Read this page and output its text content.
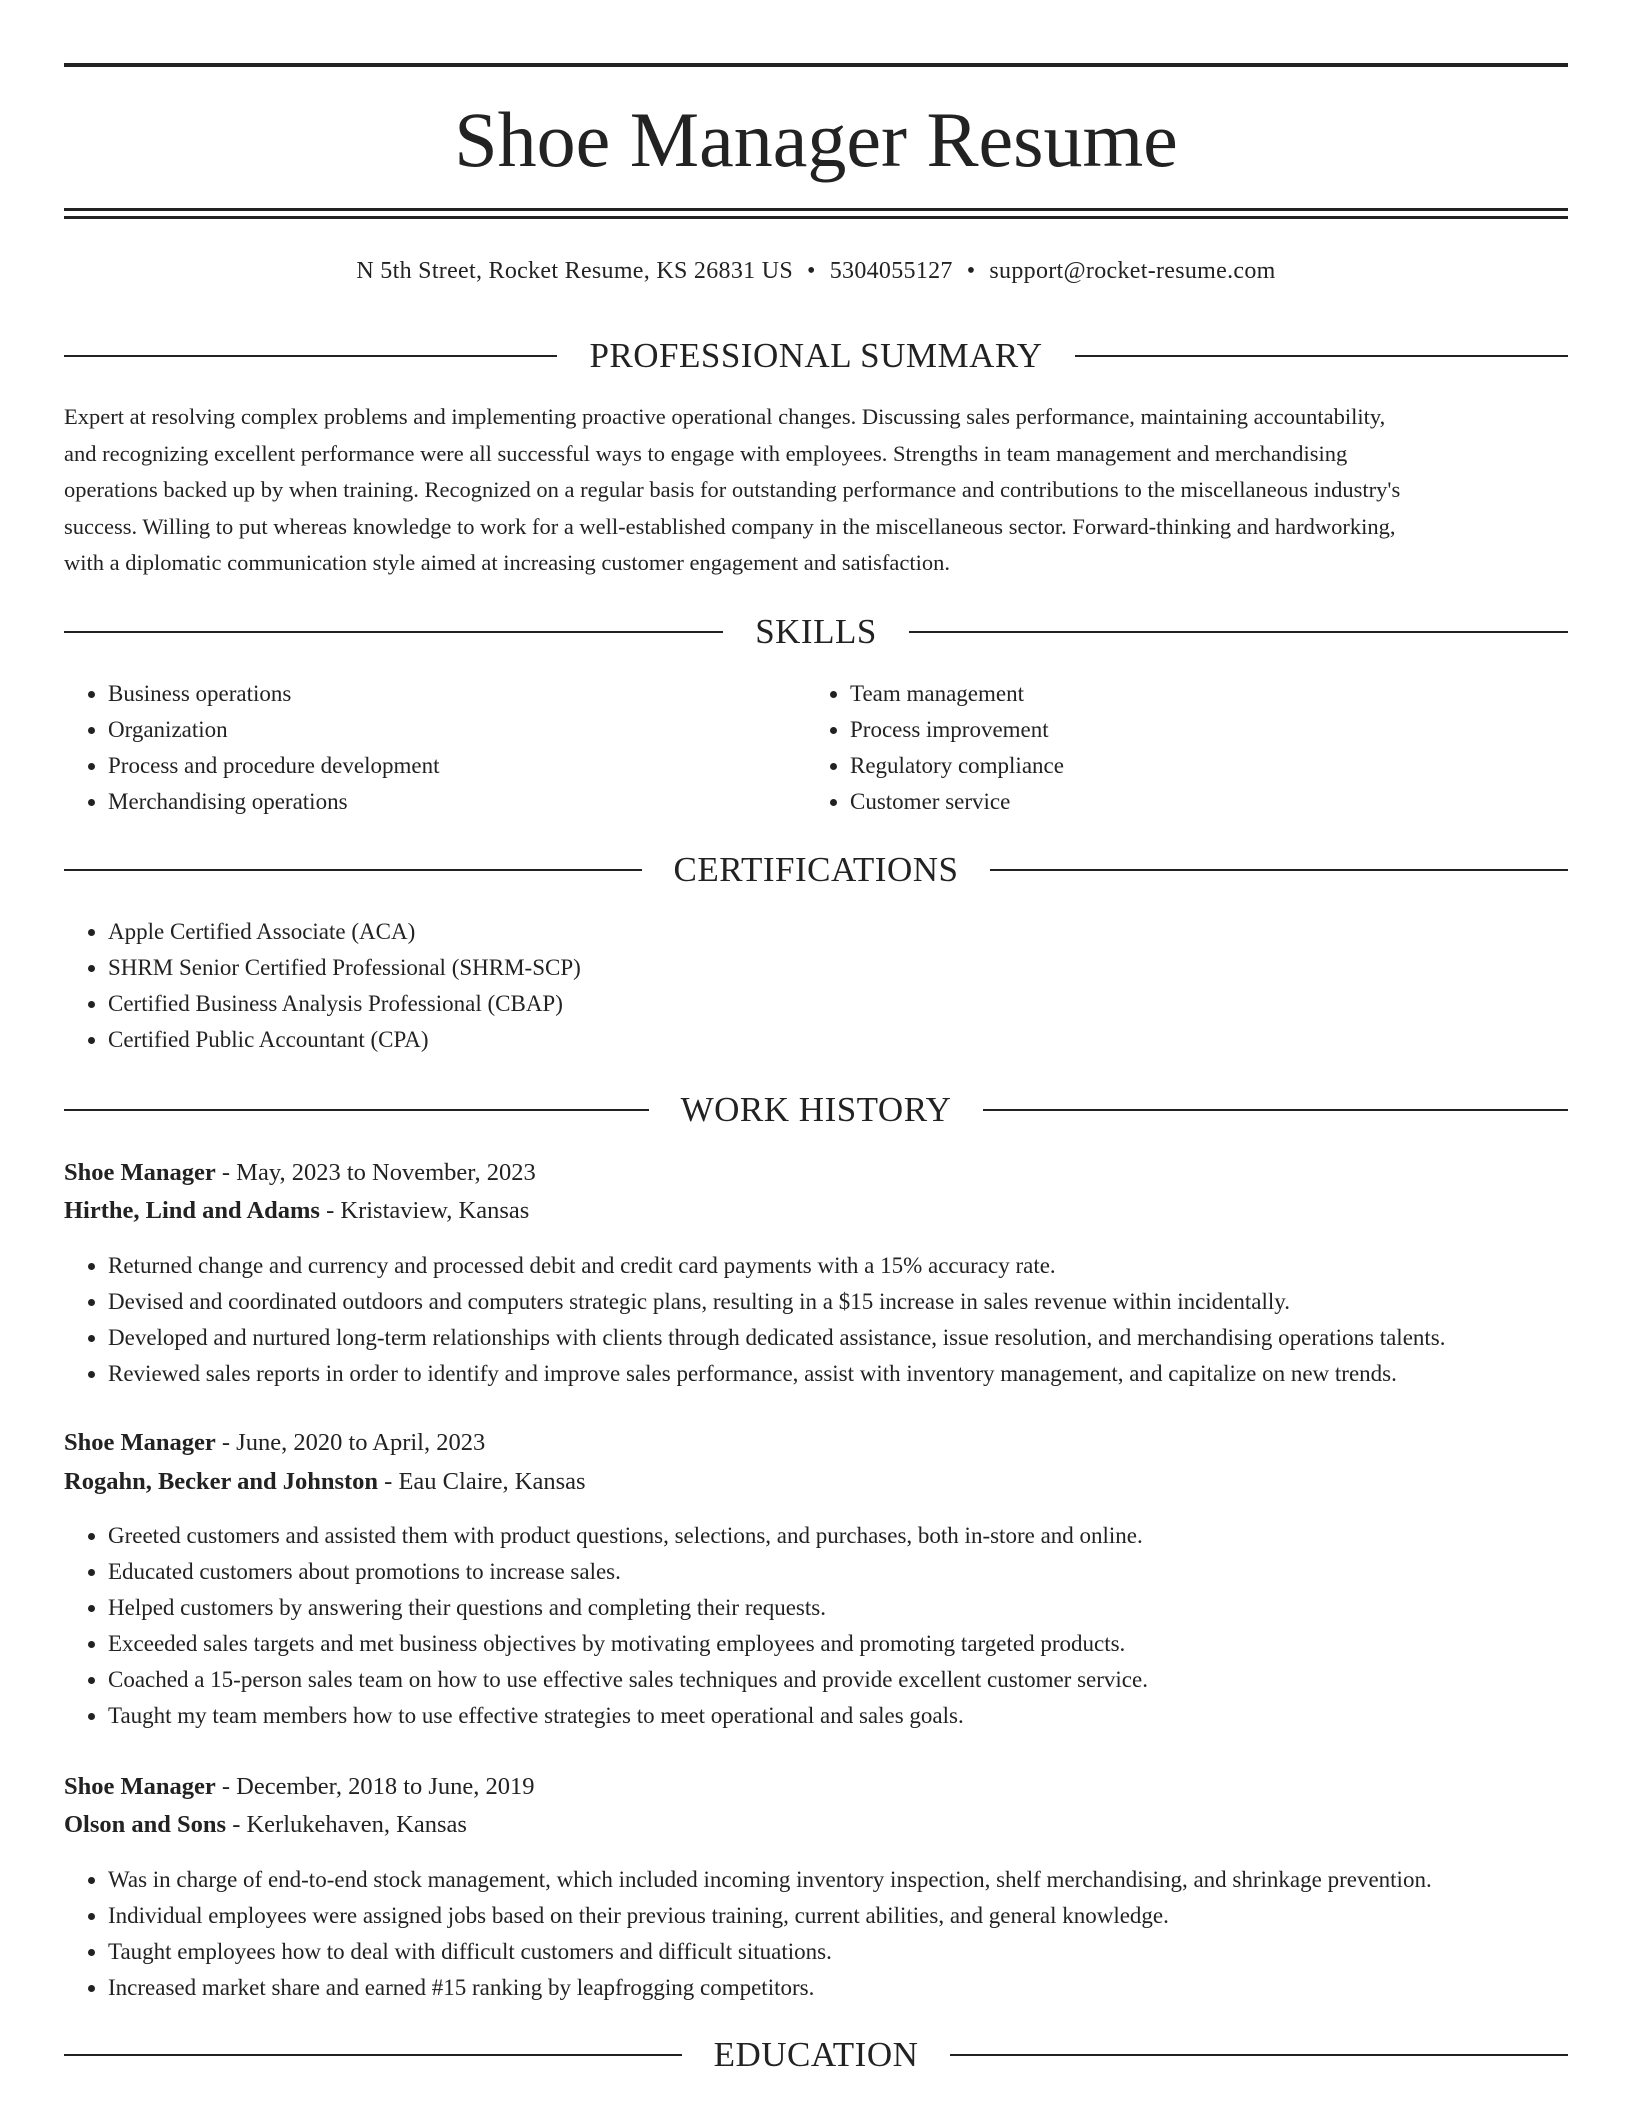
Shoe Manager Resume
N 5th Street, Rocket Resume, KS 26831 US • 5304055127 • support@rocket-resume.com
PROFESSIONAL SUMMARY
Expert at resolving complex problems and implementing proactive operational changes. Discussing sales performance, maintaining accountability,
and recognizing excellent performance were all successful ways to engage with employees. Strengths in team management and merchandising
operations backed up by when training. Recognized on a regular basis for outstanding performance and contributions to the miscellaneous industry's
success. Willing to put whereas knowledge to work for a well-established company in the miscellaneous sector. Forward-thinking and hardworking,
with a diplomatic communication style aimed at increasing customer engagement and satisfaction.
SKILLS
• Business operations
• Organization
• Process and procedure development
• Merchandising operations
• Team management
• Process improvement
• Regulatory compliance
• Customer service
CERTIFICATIONS
• Apple Certified Associate (ACA)
• SHRM Senior Certified Professional (SHRM-SCP)
• Certified Business Analysis Professional (CBAP)
• Certified Public Accountant (CPA)
WORK HISTORY
Shoe Manager - May, 2023 to November, 2023
Hirthe, Lind and Adams - Kristaview, Kansas
• Returned change and currency and processed debit and credit card payments with a 15% accuracy rate.
• Devised and coordinated outdoors and computers strategic plans, resulting in a $15 increase in sales revenue within incidentally.
• Developed and nurtured long-term relationships with clients through dedicated assistance, issue resolution, and merchandising operations talents.
• Reviewed sales reports in order to identify and improve sales performance, assist with inventory management, and capitalize on new trends.
Shoe Manager - June, 2020 to April, 2023
Rogahn, Becker and Johnston - Eau Claire, Kansas
• Greeted customers and assisted them with product questions, selections, and purchases, both in-store and online.
• Educated customers about promotions to increase sales.
• Helped customers by answering their questions and completing their requests.
• Exceeded sales targets and met business objectives by motivating employees and promoting targeted products.
• Coached a 15-person sales team on how to use effective sales techniques and provide excellent customer service.
• Taught my team members how to use effective strategies to meet operational and sales goals.
Shoe Manager - December, 2018 to June, 2019
Olson and Sons - Kerlukehaven, Kansas
• Was in charge of end-to-end stock management, which included incoming inventory inspection, shelf merchandising, and shrinkage prevention.
• Individual employees were assigned jobs based on their previous training, current abilities, and general knowledge.
• Taught employees how to deal with difficult customers and difficult situations.
• Increased market share and earned #15 ranking by leapfrogging competitors.
EDUCATION
